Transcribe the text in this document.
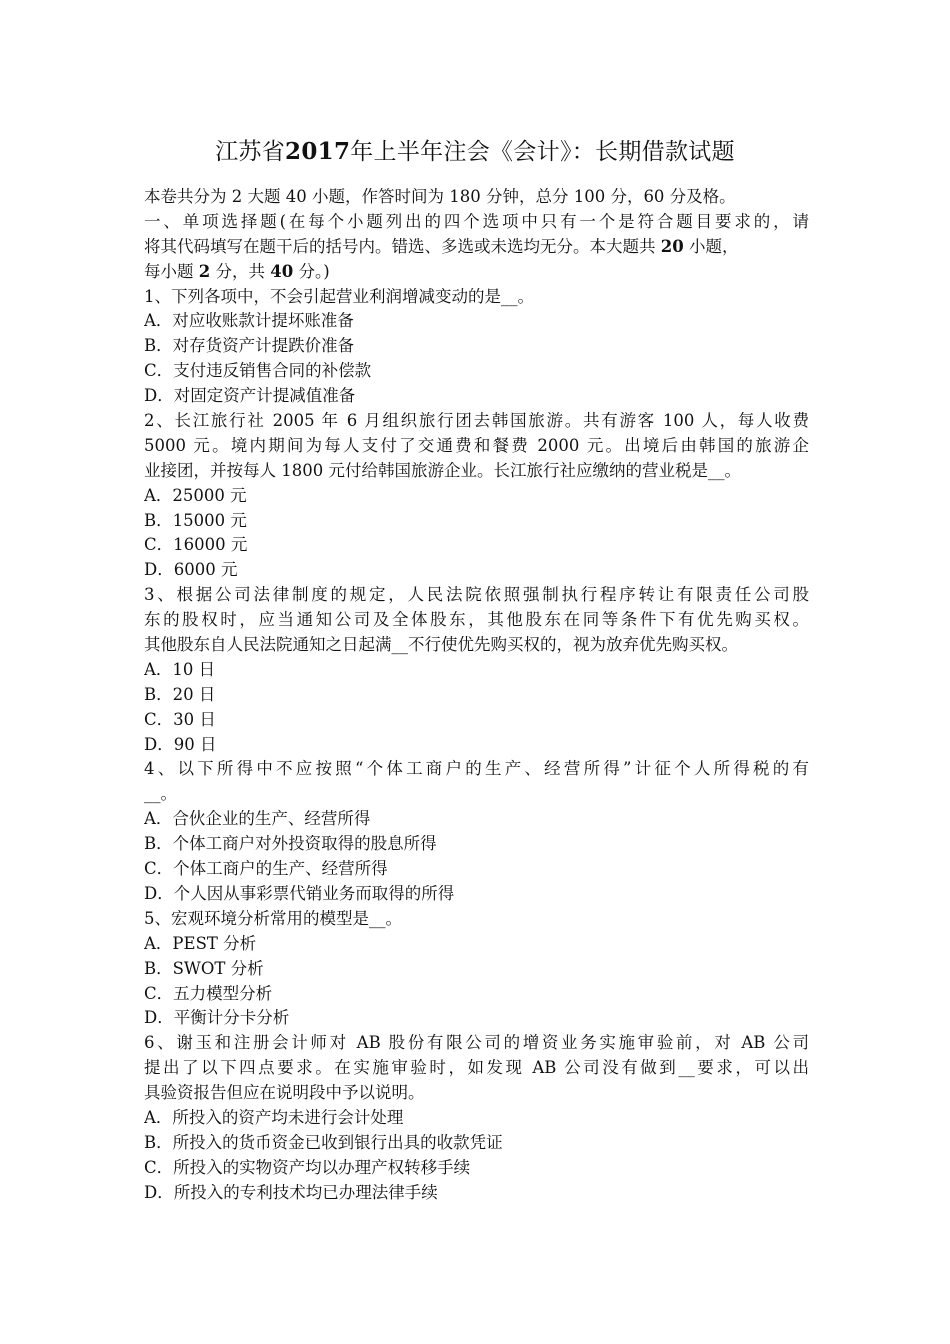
江苏省2017年上半年注会《会计》：长期借款试题
本卷共分为 2 大题 40 小题，作答时间为 180 分钟，总分 100 分，60 分及格。
一、单项选择题(在每个小题列出的四个选项中只有一个是符合题目要求的，请
将其代码填写在题干后的括号内。错选、多选或未选均无分。本大题共 20 小题，
每小题 2 分，共 40 分。)
1、下列各项中，不会引起营业利润增减变动的是__。
A．对应收账款计提坏账准备
B．对存货资产计提跌价准备
C．支付违反销售合同的补偿款
D．对固定资产计提减值准备
2、长江旅行社 2005 年 6 月组织旅行团去韩国旅游。共有游客 100 人，每人收费
5000 元。境内期间为每人支付了交通费和餐费 2000 元。出境后由韩国的旅游企
业接团，并按每人 1800 元付给韩国旅游企业。长江旅行社应缴纳的营业税是__。
A．25000 元
B．15000 元
C．16000 元
D．6000 元
3、根据公司法律制度的规定，人民法院依照强制执行程序转让有限责任公司股
东的股权时，应当通知公司及全体股东，其他股东在同等条件下有优先购买权。
其他股东自人民法院通知之日起满__不行使优先购买权的，视为放弃优先购买权。
A．10 日
B．20 日
C．30 日
D．90 日
4、以下所得中不应按照“个体工商户的生产、经营所得”计征个人所得税的有
__。
A．合伙企业的生产、经营所得
B．个体工商户对外投资取得的股息所得
C．个体工商户的生产、经营所得
D．个人因从事彩票代销业务而取得的所得
5、宏观环境分析常用的模型是__。
A．PEST 分析
B．SWOT 分析
C．五力模型分析
D．平衡计分卡分析
6、谢玉和注册会计师对 AB 股份有限公司的增资业务实施审验前，对 AB 公司
提出了以下四点要求。在实施审验时，如发现 AB 公司没有做到__要求，可以出
具验资报告但应在说明段中予以说明。
A．所投入的资产均未进行会计处理
B．所投入的货币资金已收到银行出具的收款凭证
C．所投入的实物资产均以办理产权转移手续
D．所投入的专利技术均已办理法律手续
